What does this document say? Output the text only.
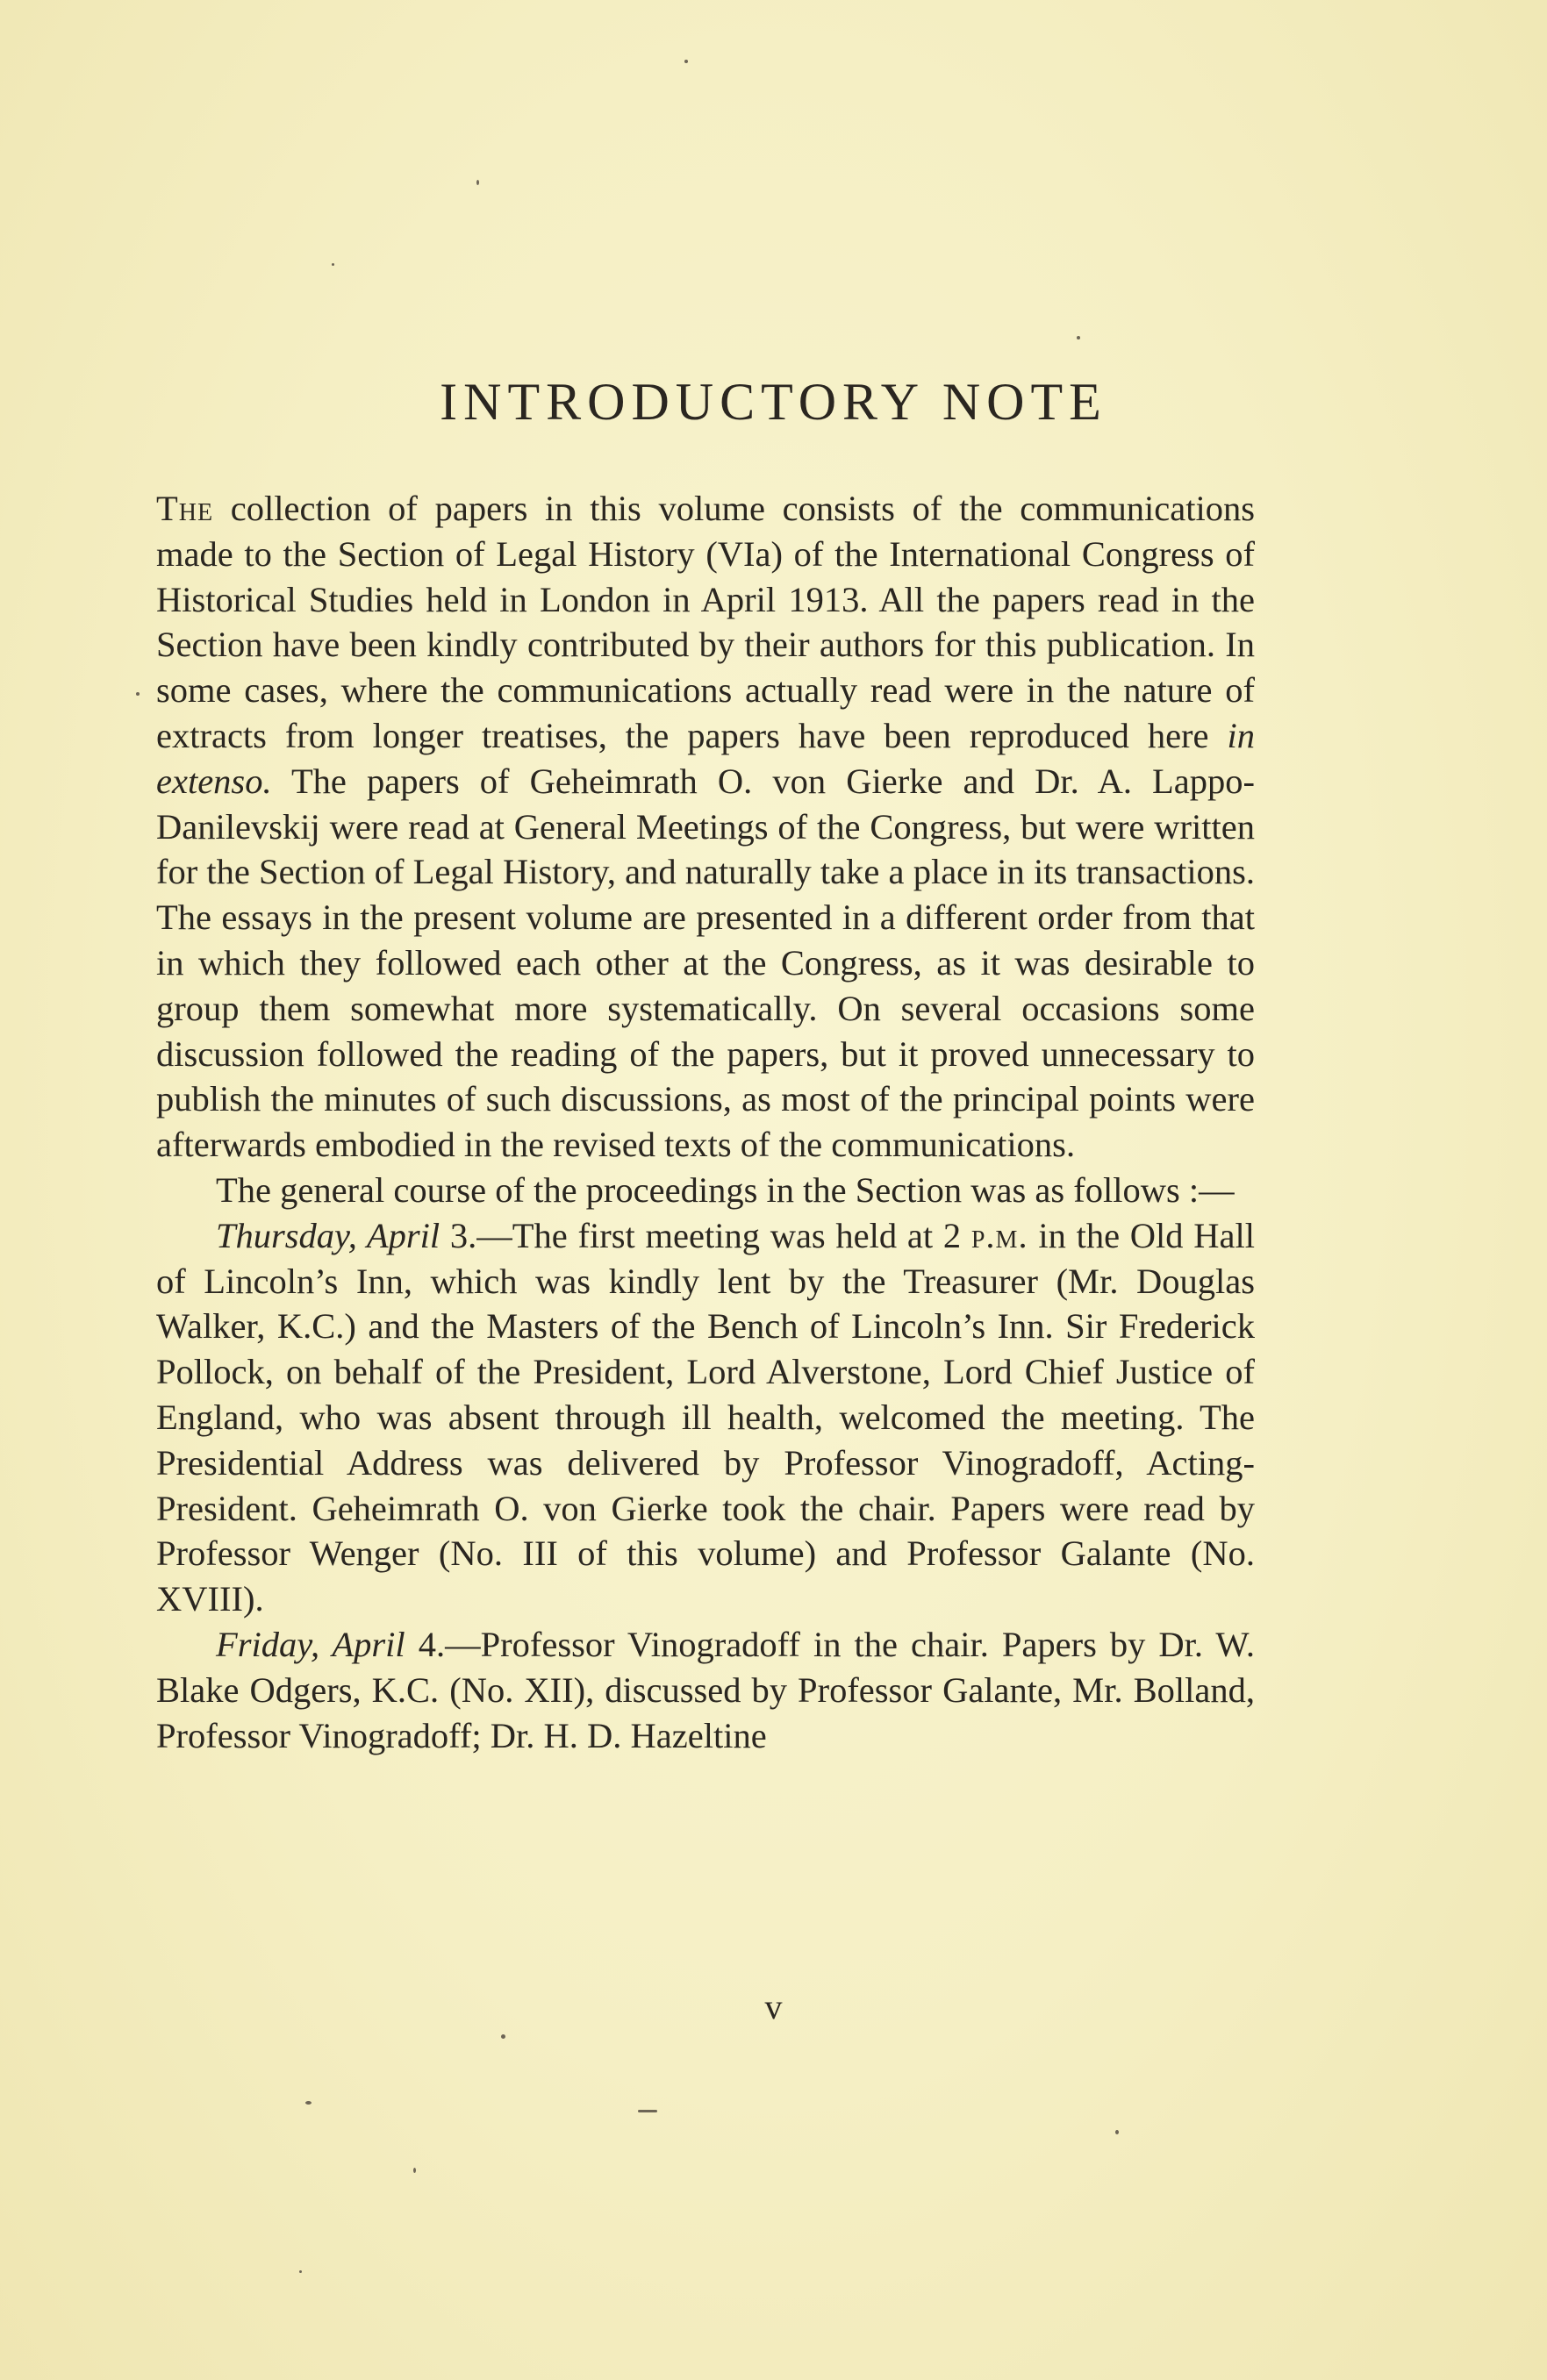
INTRODUCTORY NOTE

The collection of papers in this volume consists of the communications made to the Section of Legal History (VIa) of the International Congress of Historical Studies held in London in April 1913. All the papers read in the Section have been kindly contributed by their authors for this publication. In some cases, where the communications actually read were in the nature of extracts from longer treatises, the papers have been reproduced here in extenso. The papers of Geheimrath O. von Gierke and Dr. A. Lappo-Danilevskij were read at General Meetings of the Congress, but were written for the Section of Legal History, and naturally take a place in its transactions. The essays in the present volume are presented in a different order from that in which they followed each other at the Congress, as it was desirable to group them somewhat more systematically. On several occasions some discussion followed the reading of the papers, but it proved unnecessary to publish the minutes of such discussions, as most of the principal points were afterwards embodied in the revised texts of the communications.

The general course of the proceedings in the Section was as follows :—

Thursday, April 3.—The first meeting was held at 2 p.m. in the Old Hall of Lincoln’s Inn, which was kindly lent by the Treasurer (Mr. Douglas Walker, K.C.) and the Masters of the Bench of Lincoln’s Inn. Sir Frederick Pollock, on behalf of the President, Lord Alverstone, Lord Chief Justice of England, who was absent through ill health, welcomed the meeting. The Presidential Address was delivered by Professor Vinogradoff, Acting-President. Geheimrath O. von Gierke took the chair. Papers were read by Professor Wenger (No. III of this volume) and Professor Galante (No. XVIII).

Friday, April 4.—Professor Vinogradoff in the chair. Papers by Dr. W. Blake Odgers, K.C. (No. XII), discussed by Professor Galante, Mr. Bolland, Professor Vinogradoff; Dr. H. D. Hazeltine

v
